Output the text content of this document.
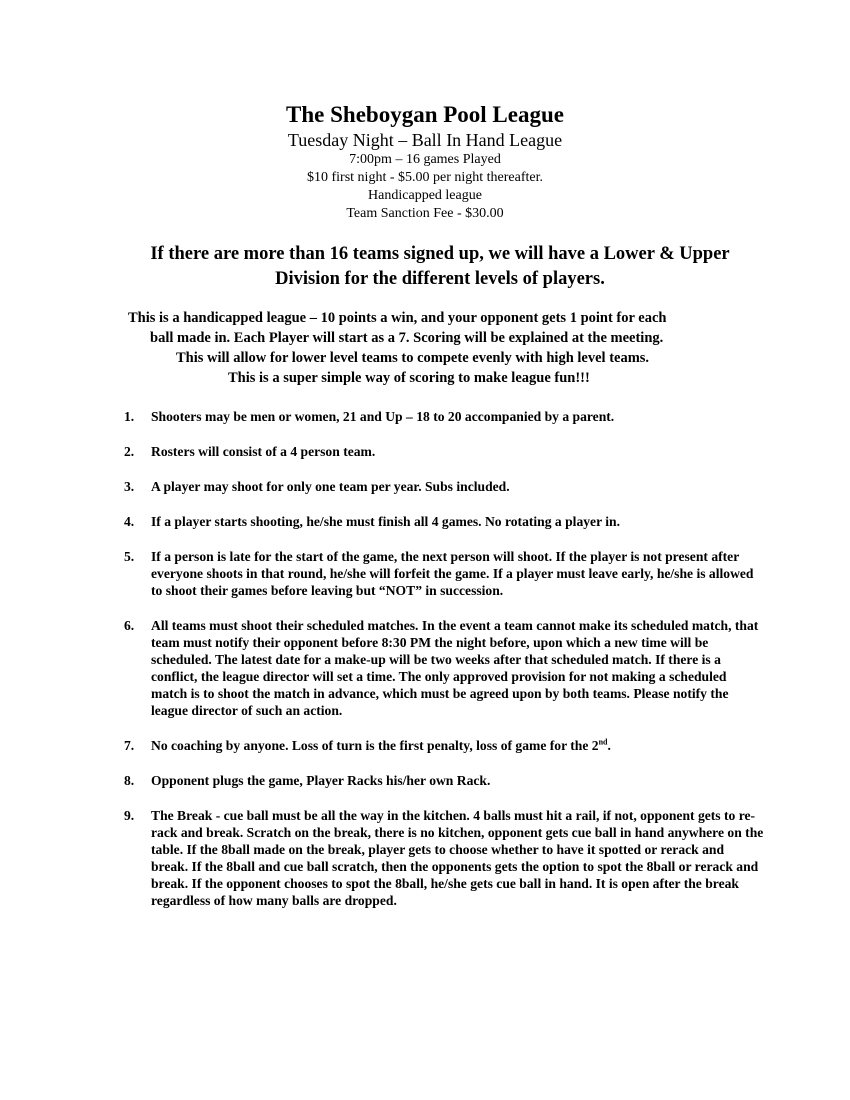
The Sheboygan Pool League
Tuesday Night – Ball In Hand League
7:00pm – 16 games Played
$10 first night - $5.00 per night thereafter.
Handicapped league
Team Sanction Fee - $30.00
If there are more than 16 teams signed up, we will have a Lower & Upper
Division for the different levels of players.
This is a handicapped league – 10 points a win, and your opponent gets 1 point for each
ball made in. Each Player will start as a 7. Scoring will be explained at the meeting.
This will allow for lower level teams to compete evenly with high level teams.
This is a super simple way of scoring to make league fun!!!
1.	Shooters may be men or women, 21 and Up – 18 to 20 accompanied by a parent.
2.	Rosters will consist of a 4 person team.
3.	A player may shoot for only one team per year. Subs included.
4.	If a player starts shooting, he/she must finish all 4 games. No rotating a player in.
5.	If a person is late for the start of the game, the next person will shoot. If the player is not present after everyone shoots in that round, he/she will forfeit the game. If a player must leave early, he/she is allowed to shoot their games before leaving but “NOT” in succession.
6.	All teams must shoot their scheduled matches. In the event a team cannot make its scheduled match, that team must notify their opponent before 8:30 PM the night before, upon which a new time will be scheduled. The latest date for a make-up will be two weeks after that scheduled match. If there is a conflict, the league director will set a time. The only approved provision for not making a scheduled match is to shoot the match in advance, which must be agreed upon by both teams. Please notify the league director of such an action.
7.	No coaching by anyone. Loss of turn is the first penalty, loss of game for the 2nd.
8.	Opponent plugs the game, Player Racks his/her own Rack.
9.	The Break - cue ball must be all the way in the kitchen. 4 balls must hit a rail, if not, opponent gets to re-rack and break. Scratch on the break, there is no kitchen, opponent gets cue ball in hand anywhere on the table. If the 8ball made on the break, player gets to choose whether to have it spotted or rerack and break. If the 8ball and cue ball scratch, then the opponents gets the option to spot the 8ball or rerack and break. If the opponent chooses to spot the 8ball, he/she gets cue ball in hand. It is open after the break regardless of how many balls are dropped.
